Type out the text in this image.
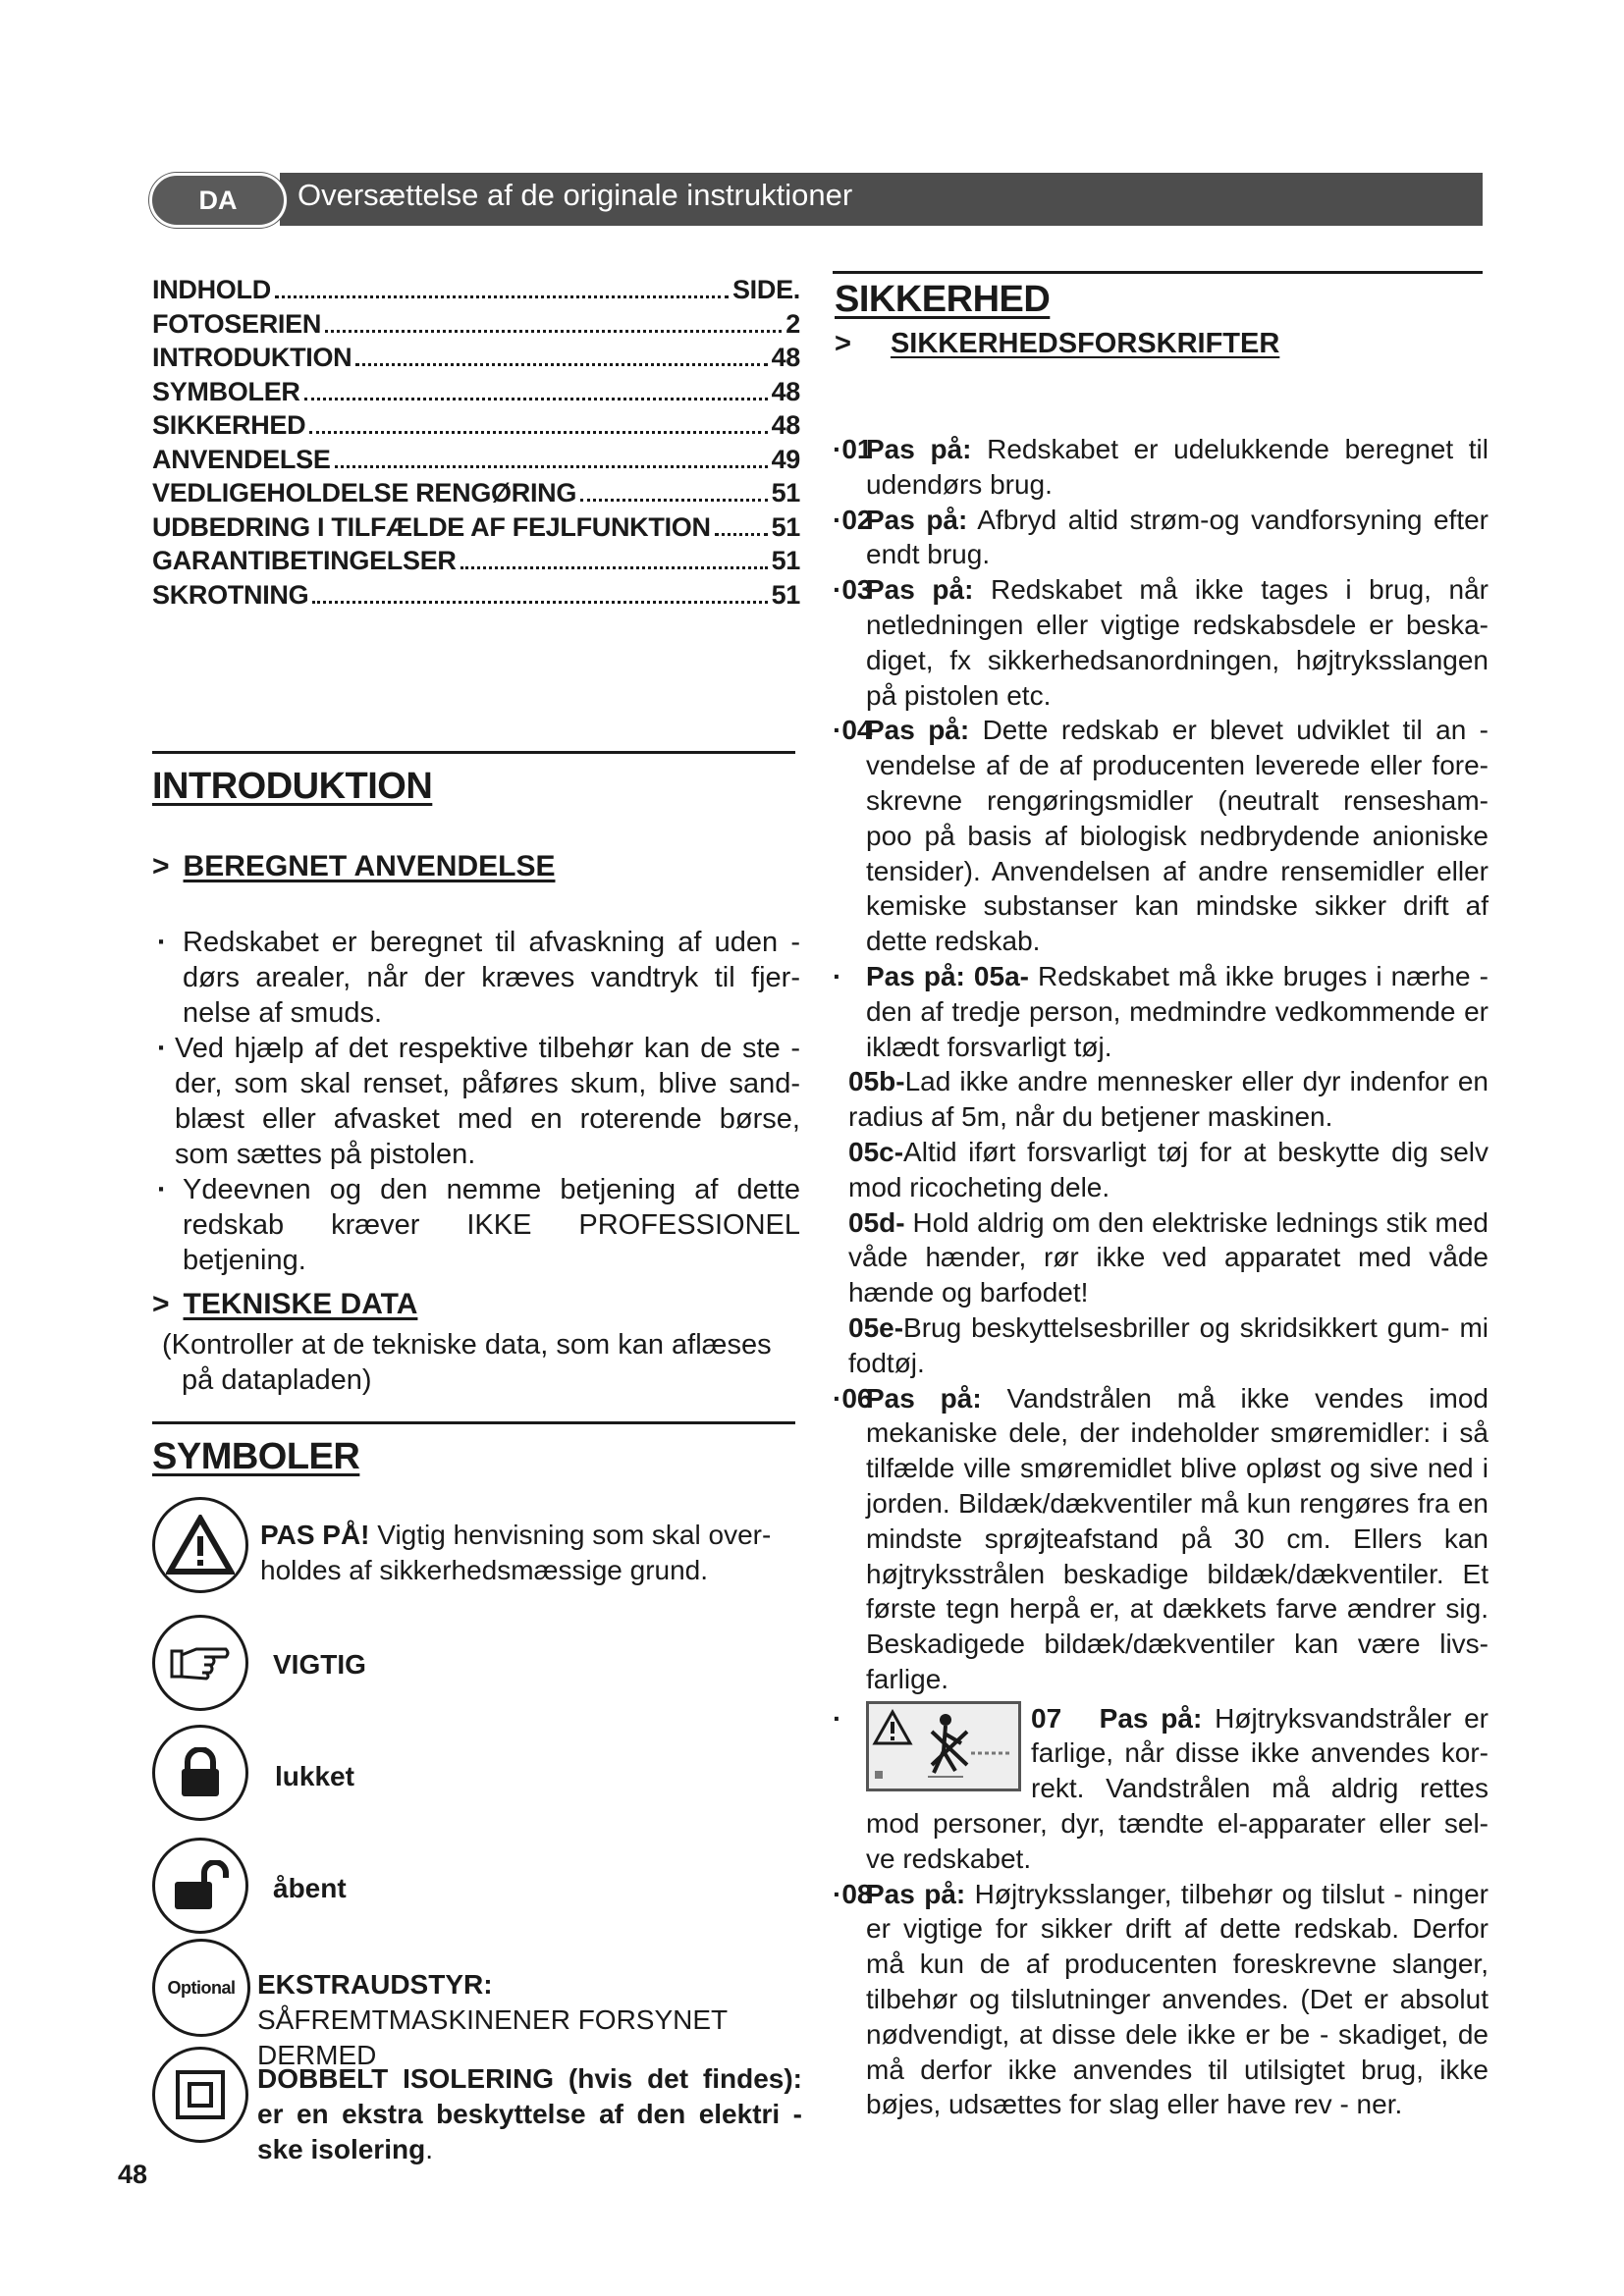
Oversættelse af de originale instruktioner
DA
INDHOLD	SIDE.
FOTOSERIEN	2
INTRODUKTION	48
SYMBOLER	48
SIKKERHED	48
ANVENDELSE	49
VEDLIGEHOLDELSE RENGØRING	51
UDBEDRING I TILFÆLDE AF FEJLFUNKTION 51
GARANTIBETINGELSER	51
SKROTNING	51
INTRODUKTION
> BEREGNET ANVENDELSE
· Redskabet er beregnet til afvaskning af uden - dørs arealer, når der kræves vandtryk til fjer- nelse af smuds.
· Ved hjælp af det respektive tilbehør kan de ste - der, som skal renset, påføres skum, blive sand- blæst eller afvasket med en roterende børse, som sættes på pistolen.
· Ydeevnen og den nemme betjening af dette redskab kræver IKKE PROFESSIONEL betjening.
> TEKNISKE DATA
(Kontroller at de tekniske data, som kan aflæses på datapladen)
SYMBOLER
PAS PÅ! Vigtig henvisning som skal over- holdes af sikkerhedsmæssige grund.
VIGTIG
lukket
åbent
Optional EKSTRAUDSTYR: SÅFREMTMASKINENER FORSYNET DERMED
DOBBELT ISOLERING (hvis det findes): er en ekstra beskyttelse af den elektri - ske isolering.
48
SIKKERHED
> SIKKERHEDSFORSKRIFTER
·01
Pas på: Redskabet er udelukkende beregnet til udendørs brug.
·02
Pas på: Afbryd altid strøm-og vandforsyning efter endt brug.
·03
Pas på: Redskabet må ikke tages i brug, når netledningen eller vigtige redskabsdele er beska- diget, fx sikkerhedsanordningen, højtryksslangen på pistolen etc.
·04
Pas på: Dette redskab er blevet udviklet til an - vendelse af de af producenten leverede eller fore- skrevne rengøringsmidler (neutralt rensesham- poo på basis af biologisk nedbrydende anioniske tensider). Anvendelsen af andre rensemidler eller kemiske substanser kan mindske sikker drift af dette redskab.
· Pas på: 05a- Redskabet må ikke bruges i nærhe - den af tredje person, medmindre vedkommende er iklædt forsvarligt tøj.
05b-Lad ikke andre mennesker eller dyr indenfor en radius af 5m, når du betjener maskinen.
05c-Altid iført forsvarligt tøj for at beskytte dig selv mod ricocheting dele.
05d- Hold aldrig om den elektriske lednings stik med våde hænder, rør ikke ved apparatet med våde hænde og barfodet!
05e-Brug beskyttelsesbriller og skridsikkert gum- mi fodtøj.
·06
Pas på: Vandstrålen må ikke vendes imod mekaniske dele, der indeholder smøremidler: i så tilfælde ville smøremidlet blive opløst og sive ned i jorden. Bildæk/dækventiler må kun rengøres fra en mindste sprøjteafstand på 30 cm. Ellers kan højtryksstrålen beskadige bildæk/dækventiler. Et første tegn herpå er, at dækkets farve ændrer sig. Beskadigede bildæk/dækventiler kan være livs- farlige.
·	07 Pas på: Højtryksvandstråler er farlige, når disse ikke anvendes kor- rekt. Vandstrålen må aldrig rettes mod personer, dyr, tændte el-apparater eller sel- ve redskabet.
·08
Pas på: Højtryksslanger, tilbehør og tilslut - ninger er vigtige for sikker drift af dette redskab. Derfor må kun de af producenten foreskrevne slanger, tilbehør og tilslutninger anvendes. (Det er absolut nødvendigt, at disse dele ikke er be - skadiget, de må derfor ikke anvendes til utilsigtet brug, ikke bøjes, udsættes for slag eller have rev - ner.
